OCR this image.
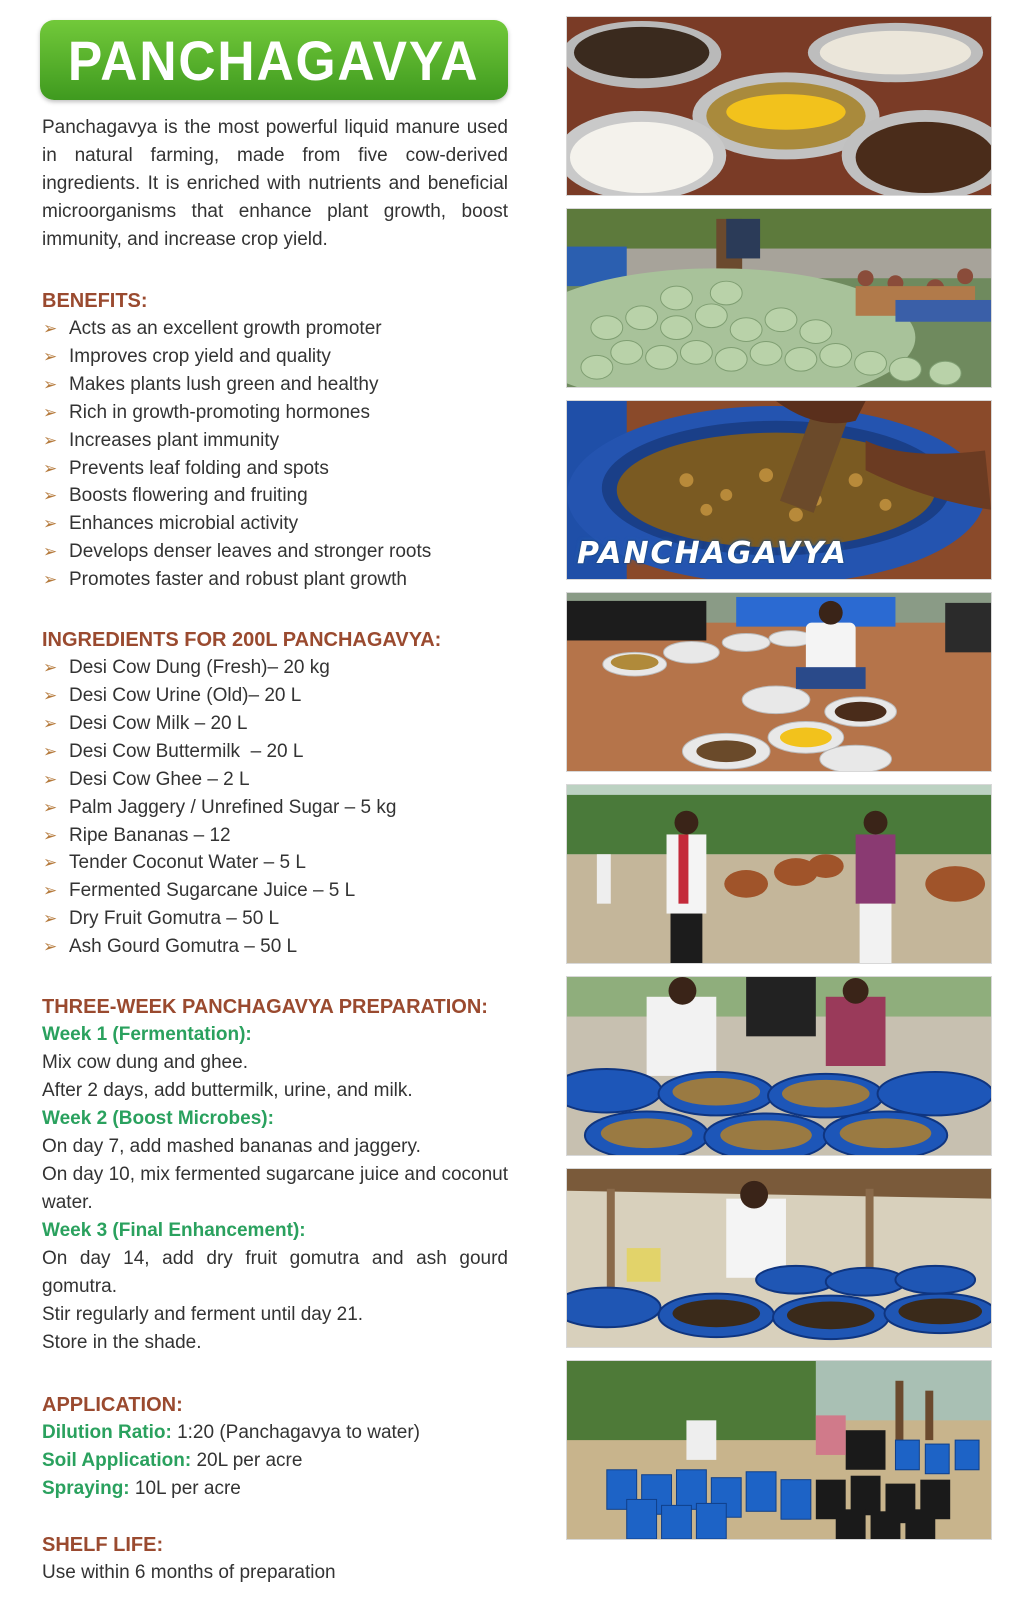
PANCHAGAVYA

Panchagavya is the most powerful liquid manure used in natural farming, made from five cow-derived ingredients. It is enriched with nutrients and beneficial microorganisms that enhance plant growth, boost immunity, and increase crop yield.

BENEFITS:

➢ Acts as an excellent growth promoter
➢ Improves crop yield and quality
➢ Makes plants lush green and healthy
➢ Rich in growth-promoting hormones
➢ Increases plant immunity
➢ Prevents leaf folding and spots
➢ Boosts flowering and fruiting
➢ Enhances microbial activity
➢ Develops denser leaves and stronger roots
➢ Promotes faster and robust plant growth

INGREDIENTS FOR 200L PANCHAGAVYA:

➢ Desi Cow Dung (Fresh)– 20 kg
➢ Desi Cow Urine (Old)– 20 L
➢ Desi Cow Milk – 20 L
➢ Desi Cow Buttermilk  – 20 L
➢ Desi Cow Ghee – 2 L
➢ Palm Jaggery / Unrefined Sugar – 5 kg
➢ Ripe Bananas – 12
➢ Tender Coconut Water – 5 L
➢ Fermented Sugarcane Juice – 5 L
➢ Dry Fruit Gomutra – 50 L
➢ Ash Gourd Gomutra – 50 L

THREE-WEEK PANCHAGAVYA PREPARATION:

Week 1 (Fermentation):

Mix cow dung and ghee.

After 2 days, add buttermilk, urine, and milk.

Week 2 (Boost Microbes):

On day 7, add mashed bananas and jaggery.

On day 10, mix fermented sugarcane juice and coconut water.

Week 3 (Final Enhancement):

On day 14, add dry fruit gomutra and ash gourd gomutra.

Stir regularly and ferment until day 21.

Store in the shade.

APPLICATION:

Dilution Ratio: 1:20 (Panchagavya to water)

Soil Application: 20L per acre

Spraying: 10L per acre

SHELF LIFE:

Use within 6 months of preparation

PANCHAGAVYA
